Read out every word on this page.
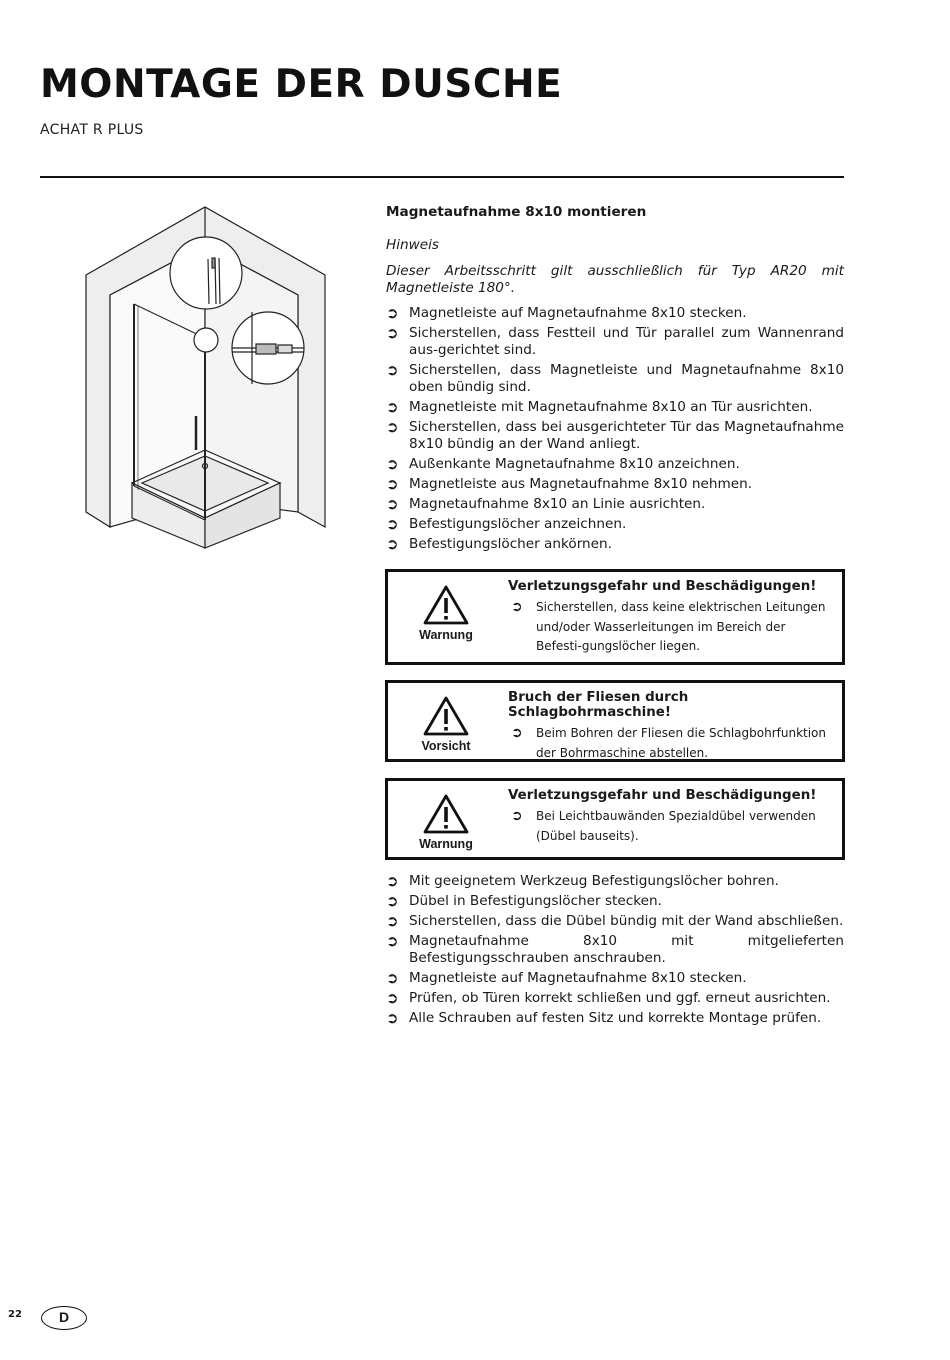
MONTAGE DER DUSCHE
ACHAT R PLUS
Magnetaufnahme 8x10 montieren
Hinweis
Dieser Arbeitsschritt gilt ausschließlich für Typ AR20 mit Magnetleiste 180°.
➲ Magnetleiste auf Magnetaufnahme 8x10 stecken.
➲ Sicherstellen, dass Festteil und Tür parallel zum Wannenrand aus-gerichtet sind.
➲ Sicherstellen, dass Magnetleiste und Magnetaufnahme 8x10 oben bündig sind.
➲ Magnetleiste mit Magnetaufnahme 8x10 an Tür ausrichten.
➲ Sicherstellen, dass bei ausgerichteter Tür das Magnetaufnahme 8x10 bündig an der Wand anliegt.
➲ Außenkante Magnetaufnahme 8x10 anzeichnen.
➲ Magnetleiste aus Magnetaufnahme 8x10 nehmen.
➲ Magnetaufnahme 8x10 an Linie ausrichten.
➲ Befestigungslöcher anzeichnen.
➲ Befestigungslöcher ankörnen.
Warnung
Verletzungsgefahr und Beschädigungen!
➲ Sicherstellen, dass keine elektrischen Leitungen und/oder Wasserleitungen im Bereich der Befesti-gungslöcher liegen.
Vorsicht
Bruch der Fliesen durch Schlagbohrmaschine!
➲ Beim Bohren der Fliesen die Schlagbohrfunktion der Bohrmaschine abstellen.
Warnung
Verletzungsgefahr und Beschädigungen!
➲ Bei Leichtbauwänden Spezialdübel verwenden (Dübel bauseits).
➲ Mit geeignetem Werkzeug Befestigungslöcher bohren.
➲ Dübel in Befestigungslöcher stecken.
➲ Sicherstellen, dass die Dübel bündig mit der Wand abschließen.
➲ Magnetaufnahme 8x10 mit mitgelieferten Befestigungsschrauben anschrauben.
➲ Magnetleiste auf Magnetaufnahme 8x10 stecken.
➲ Prüfen, ob Türen korrekt schließen und ggf. erneut ausrichten.
➲ Alle Schrauben auf festen Sitz und korrekte Montage prüfen.
22	D
